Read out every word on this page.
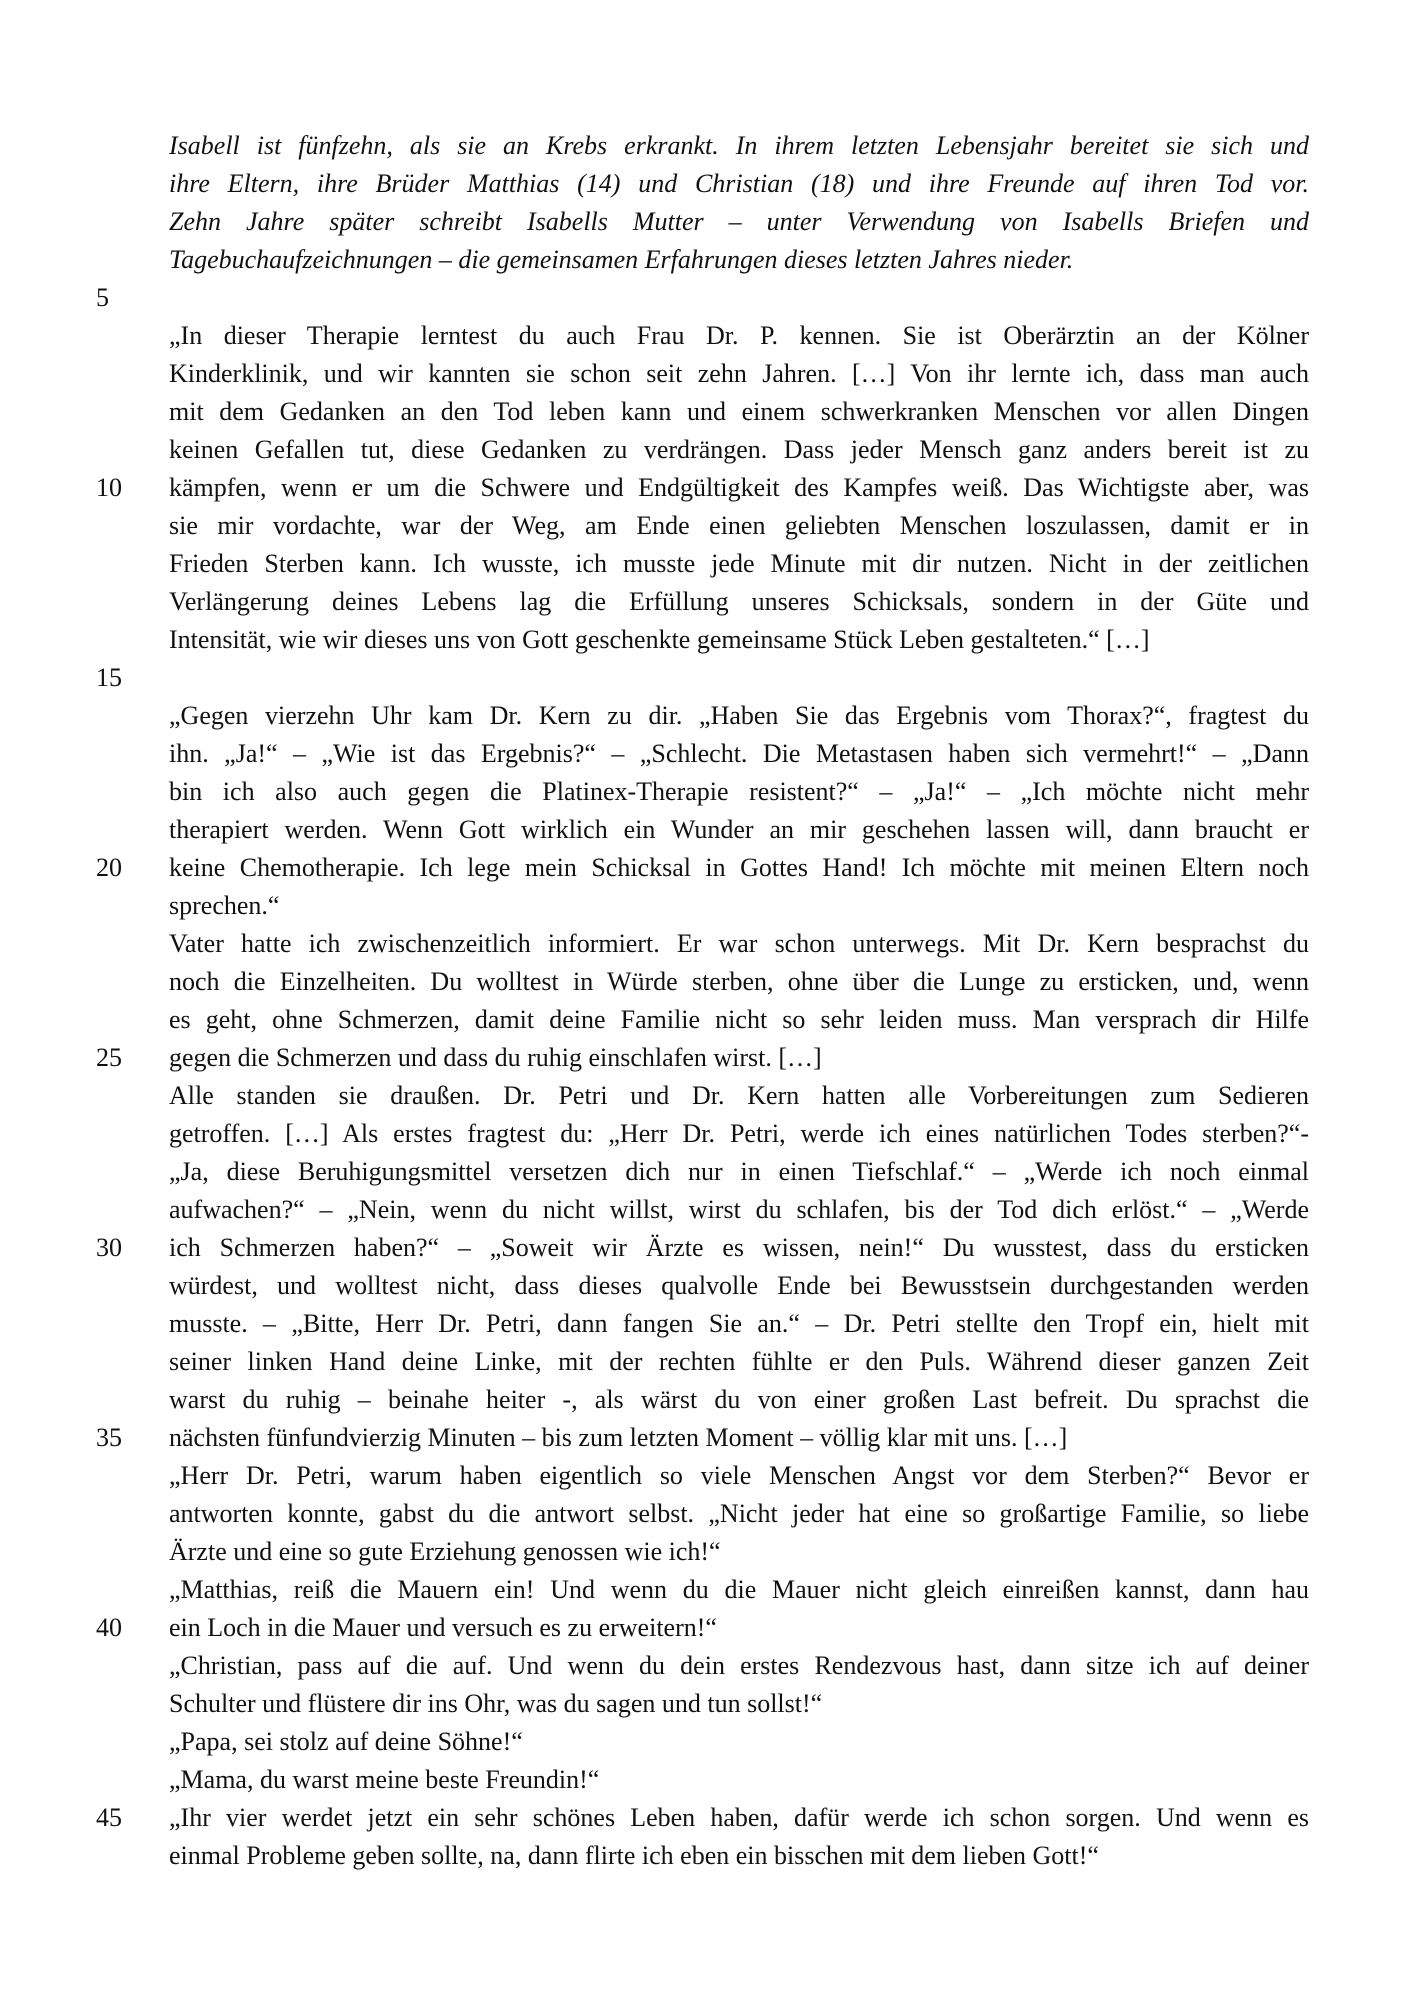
Isabell ist fünfzehn, als sie an Krebs erkrankt. In ihrem letzten Lebensjahr bereitet sie sich und
ihre Eltern, ihre Brüder Matthias (14) und Christian (18) und ihre Freunde auf ihren Tod vor.
Zehn Jahre später schreibt Isabells Mutter – unter Verwendung von Isabells Briefen und
Tagebuchaufzeichnungen – die gemeinsamen Erfahrungen dieses letzten Jahres nieder.
5
10
15
20
25
30
35
40
45
„In dieser Therapie lerntest du auch Frau Dr. P. kennen. Sie ist Oberärztin an der Kölner
Kinderklinik, und wir kannten sie schon seit zehn Jahren. […] Von ihr lernte ich, dass man auch
mit dem Gedanken an den Tod leben kann und einem schwerkranken Menschen vor allen Dingen
keinen Gefallen tut, diese Gedanken zu verdrängen. Dass jeder Mensch ganz anders bereit ist zu
kämpfen, wenn er um die Schwere und Endgültigkeit des Kampfes weiß. Das Wichtigste aber, was
sie mir vordachte, war der Weg, am Ende einen geliebten Menschen loszulassen, damit er in
Frieden Sterben kann. Ich wusste, ich musste jede Minute mit dir nutzen. Nicht in der zeitlichen
Verlängerung deines Lebens lag die Erfüllung unseres Schicksals, sondern in der Güte und
Intensität, wie wir dieses uns von Gott geschenkte gemeinsame Stück Leben gestalteten.“ […]
„Gegen vierzehn Uhr kam Dr. Kern zu dir. „Haben Sie das Ergebnis vom Thorax?“, fragtest du
ihn. „Ja!“ – „Wie ist das Ergebnis?“ – „Schlecht. Die Metastasen haben sich vermehrt!“ – „Dann
bin ich also auch gegen die Platinex-Therapie resistent?“ – „Ja!“ – „Ich möchte nicht mehr
therapiert werden. Wenn Gott wirklich ein Wunder an mir geschehen lassen will, dann braucht er
keine Chemotherapie. Ich lege mein Schicksal in Gottes Hand! Ich möchte mit meinen Eltern noch
sprechen.“
Vater hatte ich zwischenzeitlich informiert. Er war schon unterwegs. Mit Dr. Kern besprachst du
noch die Einzelheiten. Du wolltest in Würde sterben, ohne über die Lunge zu ersticken, und, wenn
es geht, ohne Schmerzen, damit deine Familie nicht so sehr leiden muss. Man versprach dir Hilfe
gegen die Schmerzen und dass du ruhig einschlafen wirst. […]
Alle standen sie draußen. Dr. Petri und Dr. Kern hatten alle Vorbereitungen zum Sedieren
getroffen. […] Als erstes fragtest du: „Herr Dr. Petri, werde ich eines natürlichen Todes sterben?“-
„Ja, diese Beruhigungsmittel versetzen dich nur in einen Tiefschlaf.“ – „Werde ich noch einmal
aufwachen?“ – „Nein, wenn du nicht willst, wirst du schlafen, bis der Tod dich erlöst.“ – „Werde
ich Schmerzen haben?“ – „Soweit wir Ärzte es wissen, nein!“ Du wusstest, dass du ersticken
würdest, und wolltest nicht, dass dieses qualvolle Ende bei Bewusstsein durchgestanden werden
musste. – „Bitte, Herr Dr. Petri, dann fangen Sie an.“ – Dr. Petri stellte den Tropf ein, hielt mit
seiner linken Hand deine Linke, mit der rechten fühlte er den Puls. Während dieser ganzen Zeit
warst du ruhig – beinahe heiter -, als wärst du von einer großen Last befreit. Du sprachst die
nächsten fünfundvierzig Minuten – bis zum letzten Moment – völlig klar mit uns. […]
„Herr Dr. Petri, warum haben eigentlich so viele Menschen Angst vor dem Sterben?“ Bevor er
antworten konnte, gabst du die antwort selbst. „Nicht jeder hat eine so großartige Familie, so liebe
Ärzte und eine so gute Erziehung genossen wie ich!“
„Matthias, reiß die Mauern ein! Und wenn du die Mauer nicht gleich einreißen kannst, dann hau
ein Loch in die Mauer und versuch es zu erweitern!“
„Christian, pass auf die auf. Und wenn du dein erstes Rendezvous hast, dann sitze ich auf deiner
Schulter und flüstere dir ins Ohr, was du sagen und tun sollst!“
„Papa, sei stolz auf deine Söhne!“
„Mama, du warst meine beste Freundin!“
„Ihr vier werdet jetzt ein sehr schönes Leben haben, dafür werde ich schon sorgen. Und wenn es
einmal Probleme geben sollte, na, dann flirte ich eben ein bisschen mit dem lieben Gott!“
